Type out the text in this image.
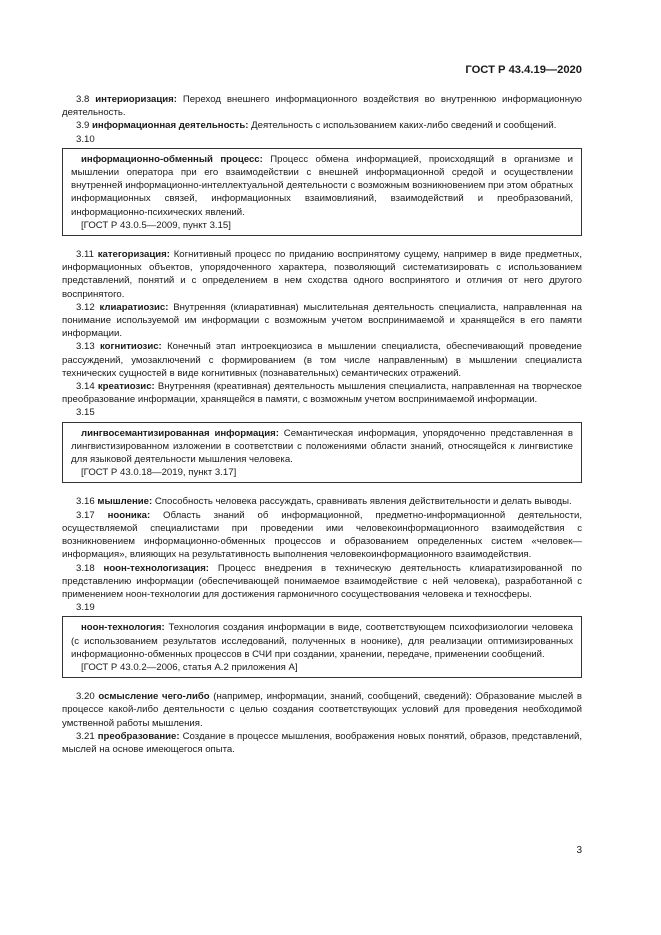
ГОСТ Р 43.4.19—2020

3.8 интериоризация: Переход внешнего информационного воздействия во внутреннюю информационную деятельность.

3.9 информационная деятельность: Деятельность с использованием каких-либо сведений и сообщений.

3.10

информационно-обменный процесс: Процесс обмена информацией, происходящий в организме и мышлении оператора при его взаимодействии с внешней информационной средой и осуществлении внутренней информационно-интеллектуальной деятельности с возможным возникновением при этом обратных информационных связей, информационных взаимовлияний, взаимодействий и преобразований, информационно-психических явлений.

[ГОСТ Р 43.0.5—2009, пункт 3.15]

3.11 категоризация: Когнитивный процесс по приданию воспринятому сущему, например в виде предметных, информационных объектов, упорядоченного характера, позволяющий систематизировать с использованием представлений, понятий и с определением в нем сходства одного воспринятого и отличия от него другого воспринятого.

3.12 клиаратиозис: Внутренняя (клиаративная) мыслительная деятельность специалиста, направленная на понимание используемой им информации с возможным учетом воспринимаемой и хранящейся в его памяти информации.

3.13 когнитиозис: Конечный этап интроекциозиса в мышлении специалиста, обеспечивающий проведение рассуждений, умозаключений с формированием (в том числе направленным) в мышлении специалиста технических сущностей в виде когнитивных (познавательных) семантических отражений.

3.14 креатиозис: Внутренняя (креативная) деятельность мышления специалиста, направленная на творческое преобразование информации, хранящейся в памяти, с возможным учетом воспринимаемой информации.

3.15

лингвосемантизированная информация: Семантическая информация, упорядоченно представленная в лингвистизированном изложении в соответствии с положениями области знаний, относящейся к лингвистике для языковой деятельности мышления человека.

[ГОСТ Р 43.0.18—2019, пункт 3.17]

3.16 мышление: Способность человека рассуждать, сравнивать явления действительности и делать выводы.

3.17 нооника: Область знаний об информационной, предметно-информационной деятельности, осуществляемой специалистами при проведении ими человекоинформационного взаимодействия с возникновением информационно-обменных процессов и образованием определенных систем «человек—информация», влияющих на результативность выполнения человекоинформационного взаимодействия.

3.18 ноон-технологизация: Процесс внедрения в техническую деятельность клиаратизированной по представлению информации (обеспечивающей понимаемое взаимодействие с ней человека), разработанной с применением ноон-технологии для достижения гармоничного сосуществования человека и техносферы.

3.19

ноон-технология: Технология создания информации в виде, соответствующем психофизиологии человека (с использованием результатов исследований, полученных в ноонике), для реализации оптимизированных информационно-обменных процессов в СЧИ при создании, хранении, передаче, применении сообщений.

[ГОСТ Р 43.0.2—2006, статья А.2 приложения А]

3.20 осмысление чего-либо (например, информации, знаний, сообщений, сведений): Образование мыслей в процессе какой-либо деятельности с целью создания соответствующих условий для проведения необходимой умственной работы мышления.

3.21 преобразование: Создание в процессе мышления, воображения новых понятий, образов, представлений, мыслей на основе имеющегося опыта.

3
